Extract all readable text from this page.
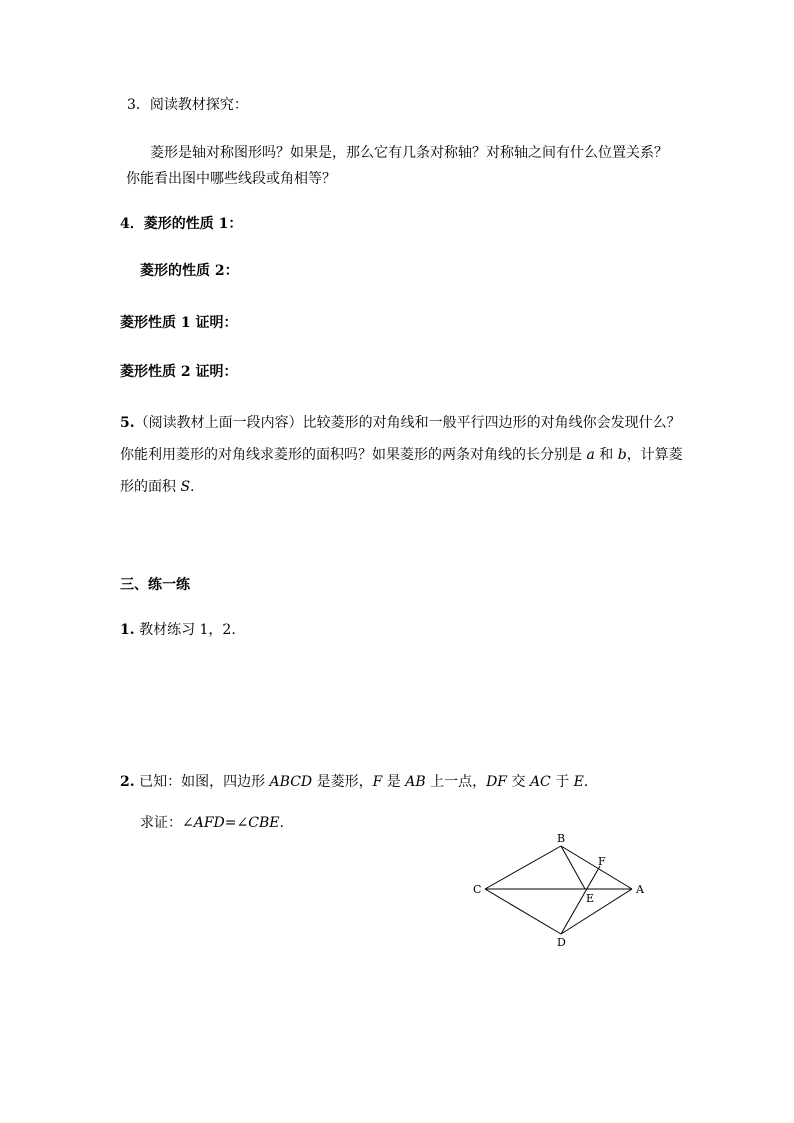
3．阅读教材探究：
菱形是轴对称图形吗？如果是，那么它有几条对称轴？对称轴之间有什么位置关系？
你能看出图中哪些线段或角相等？
4．菱形的性质 1：
菱形的性质 2：
菱形性质 1 证明：
菱形性质 2 证明：
5.（阅读教材上面一段内容）比较菱形的对角线和一般平行四边形的对角线你会发现什么？
你能利用菱形的对角线求菱形的面积吗？如果菱形的两条对角线的长分别是 a 和 b，计算菱
形的面积 S.
三、练一练
1. 教材练习 1，2.
2. 已知：如图，四边形 ABCD 是菱形，F 是 AB 上一点，DF 交 AC 于 E.
求证：∠AFD=∠CBE.
B
C	A
D
E
F
